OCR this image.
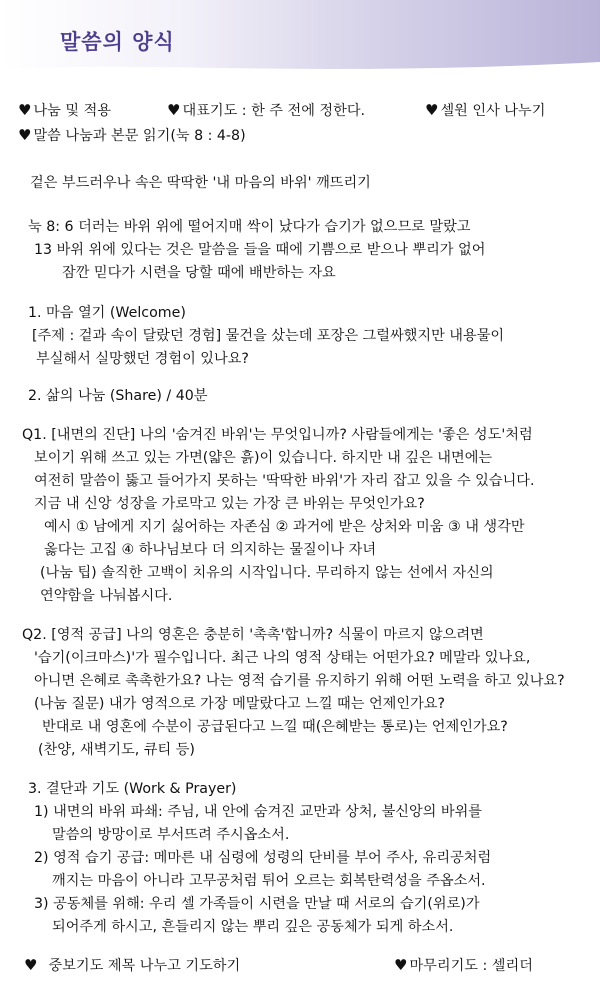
말씀의 양식
♥ 나눔 및 적용	♥ 대표기도 : 한 주 전에 정한다.	♥ 셀원 인사 나누기
♥ 말씀 나눔과 본문 읽기(눅 8 : 4-8)
겉은 부드러우나 속은 딱딱한 '내 마음의 바위' 깨뜨리기
눅 8: 6 더러는 바위 위에 떨어지매 싹이 났다가 습기가 없으므로 말랐고
13 바위 위에 있다는 것은 말씀을 들을 때에 기쁨으로 받으나 뿌리가 없어
잠깐 믿다가 시련을 당할 때에 배반하는 자요
1. 마음 열기 (Welcome)
[주제 : 겉과 속이 달랐던 경험] 물건을 샀는데 포장은 그럴싸했지만 내용물이
부실해서 실망했던 경험이 있나요?
2. 삶의 나눔 (Share) / 40분
Q1. [내면의 진단] 나의 '숨겨진 바위'는 무엇입니까? 사람들에게는 '좋은 성도'처럼
보이기 위해 쓰고 있는 가면(얇은 흙)이 있습니다. 하지만 내 깊은 내면에는
여전히 말씀이 뚫고 들어가지 못하는 '딱딱한 바위'가 자리 잡고 있을 수 있습니다.
지금 내 신앙 성장을 가로막고 있는 가장 큰 바위는 무엇인가요?
예시 ① 남에게 지기 싫어하는 자존심 ② 과거에 받은 상처와 미움 ③ 내 생각만
옳다는 고집 ④ 하나님보다 더 의지하는 물질이나 자녀
(나눔 팁) 솔직한 고백이 치유의 시작입니다. 무리하지 않는 선에서 자신의
연약함을 나눠봅시다.
Q2. [영적 공급] 나의 영혼은 충분히 '촉촉'합니까? 식물이 마르지 않으려면
'습기(이크마스)'가 필수입니다. 최근 나의 영적 상태는 어떤가요? 메말라 있나요,
아니면 은혜로 촉촉한가요? 나는 영적 습기를 유지하기 위해 어떤 노력을 하고 있나요?
(나눔 질문) 내가 영적으로 가장 메말랐다고 느낄 때는 언제인가요?
반대로 내 영혼에 수분이 공급된다고 느낄 때(은혜받는 통로)는 언제인가요?
(찬양, 새벽기도, 큐티 등)
3. 결단과 기도 (Work & Prayer)
1) 내면의 바위 파쇄: 주님, 내 안에 숨겨진 교만과 상처, 불신앙의 바위를
말씀의 방망이로 부서뜨려 주시옵소서.
2) 영적 습기 공급: 메마른 내 심령에 성령의 단비를 부어 주사, 유리공처럼
깨지는 마음이 아니라 고무공처럼 튀어 오르는 회복탄력성을 주옵소서.
3) 공동체를 위해: 우리 셀 가족들이 시련을 만날 때 서로의 습기(위로)가
되어주게 하시고, 흔들리지 않는 뿌리 깊은 공동체가 되게 하소서.
♥ 중보기도 제목 나누고 기도하기	♥ 마무리기도 : 셀리더
